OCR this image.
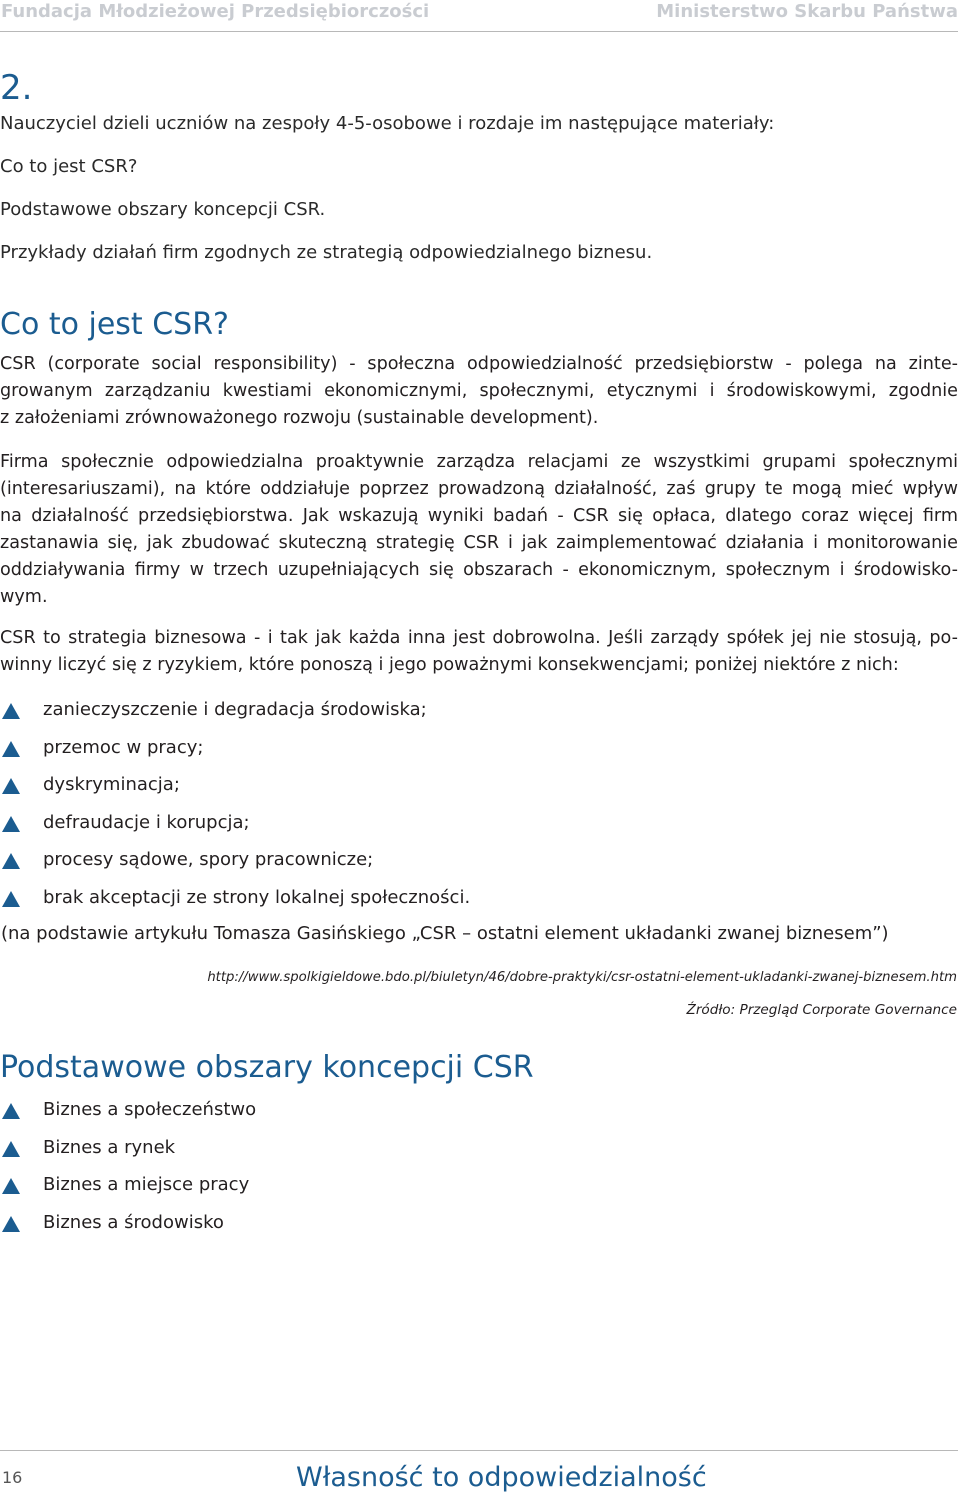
Fundacja Młodzieżowej Przedsiębiorczości	Ministerstwo Skarbu Państwa
2.
Nauczyciel dzieli uczniów na zespoły 4-5-osobowe i rozdaje im następujące materiały:
Co to jest CSR?
Podstawowe obszary koncepcji CSR.
Przykłady działań firm zgodnych ze strategią odpowiedzialnego biznesu.
Co to jest CSR?
CSR (corporate social responsibility) - społeczna odpowiedzialność przedsiębiorstw - polega na zinte-
growanym zarządzaniu kwestiami ekonomicznymi, społecznymi, etycznymi i środowiskowymi, zgodnie
z założeniami zrównoważonego rozwoju (sustainable development).
Firma społecznie odpowiedzialna proaktywnie zarządza relacjami ze wszystkimi grupami społecznymi
(interesariuszami), na które oddziałuje poprzez prowadzoną działalność, zaś grupy te mogą mieć wpływ
na działalność przedsiębiorstwa. Jak wskazują wyniki badań - CSR się opłaca, dlatego coraz więcej firm
zastanawia się, jak zbudować skuteczną strategię CSR i jak zaimplementować działania i monitorowanie
oddziaływania firmy w trzech uzupełniających się obszarach - ekonomicznym, społecznym i środowisko-
wym.
CSR to strategia biznesowa - i tak jak każda inna jest dobrowolna. Jeśli zarządy spółek jej nie stosują, po-
winny liczyć się z ryzykiem, które ponoszą i jego poważnymi konsekwencjami; poniżej niektóre z nich:
zanieczyszczenie i degradacja środowiska;
przemoc w pracy;
dyskryminacja;
defraudacje i korupcja;
procesy sądowe, spory pracownicze;
brak akceptacji ze strony lokalnej społeczności.
(na podstawie artykułu Tomasza Gasińskiego „CSR – ostatni element układanki zwanej biznesem”)
http://www.spolkigieldowe.bdo.pl/biuletyn/46/dobre-praktyki/csr-ostatni-element-ukladanki-zwanej-biznesem.htm
Źródło: Przegląd Corporate Governance
Podstawowe obszary koncepcji CSR
Biznes a społeczeństwo
Biznes a rynek
Biznes a miejsce pracy
Biznes a środowisko
16	Własność to odpowiedzialność
